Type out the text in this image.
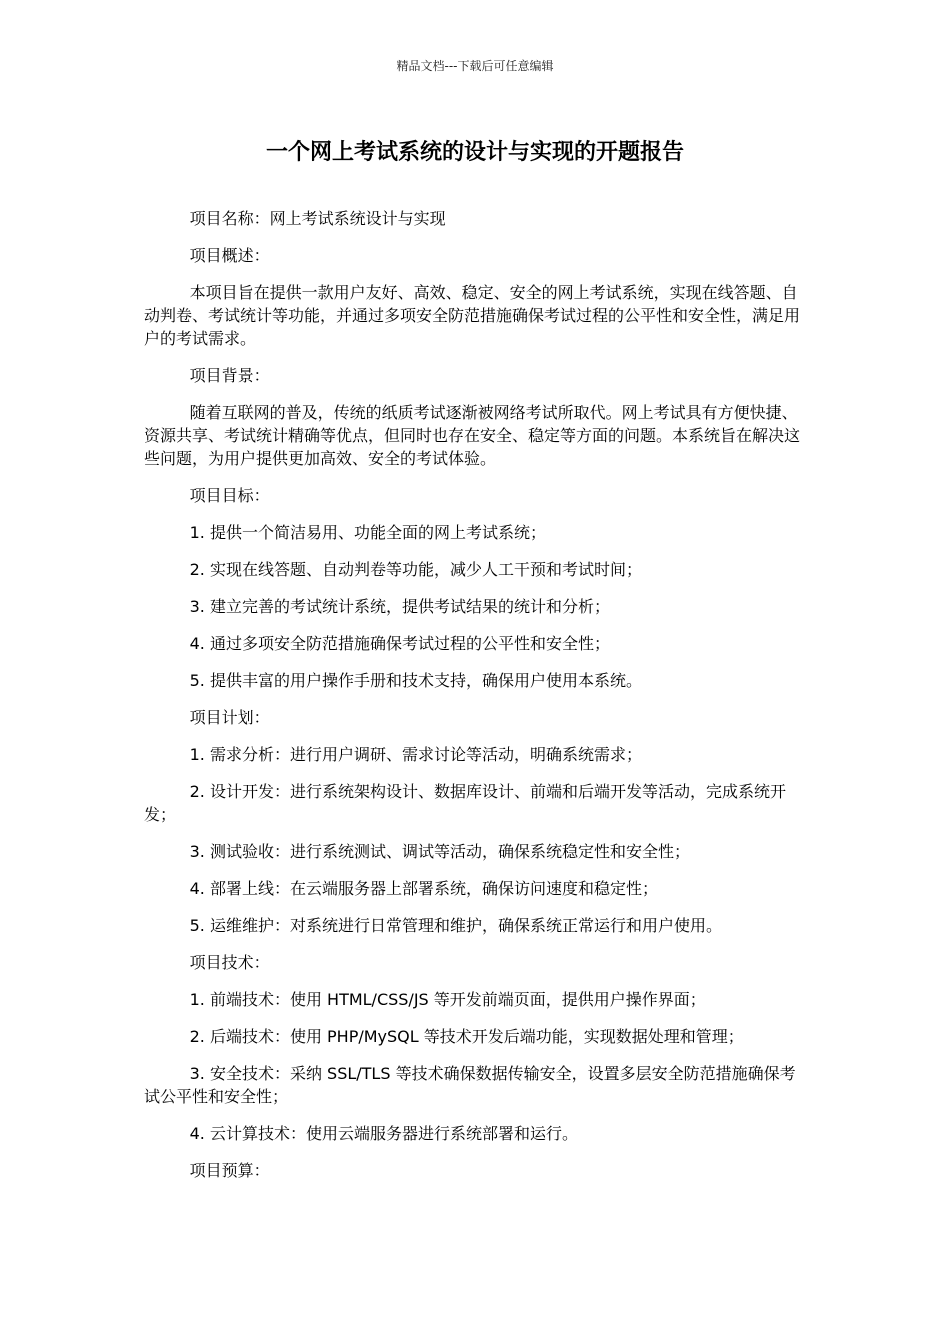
精品文档---下载后可任意编辑
一个网上考试系统的设计与实现的开题报告

项目名称：网上考试系统设计与实现

项目概述：

本项目旨在提供一款用户友好、高效、稳定、安全的网上考试系统，实现在线答题、自动判卷、考试统计等功能，并通过多项安全防范措施确保考试过程的公平性和安全性，满足用户的考试需求。

项目背景：

随着互联网的普及，传统的纸质考试逐渐被网络考试所取代。网上考试具有方便快捷、资源共享、考试统计精确等优点，但同时也存在安全、稳定等方面的问题。本系统旨在解决这些问题，为用户提供更加高效、安全的考试体验。

项目目标：

1. 提供一个简洁易用、功能全面的网上考试系统；

2. 实现在线答题、自动判卷等功能，减少人工干预和考试时间；

3. 建立完善的考试统计系统，提供考试结果的统计和分析；

4. 通过多项安全防范措施确保考试过程的公平性和安全性；

5. 提供丰富的用户操作手册和技术支持，确保用户使用本系统。

项目计划：

1. 需求分析：进行用户调研、需求讨论等活动，明确系统需求；

2. 设计开发：进行系统架构设计、数据库设计、前端和后端开发等活动，完成系统开发；

3. 测试验收：进行系统测试、调试等活动，确保系统稳定性和安全性；

4. 部署上线：在云端服务器上部署系统，确保访问速度和稳定性；

5. 运维维护：对系统进行日常管理和维护，确保系统正常运行和用户使用。

项目技术：

1. 前端技术：使用 HTML/CSS/JS 等开发前端页面，提供用户操作界面；

2. 后端技术：使用 PHP/MySQL 等技术开发后端功能，实现数据处理和管理；

3. 安全技术：采纳 SSL/TLS 等技术确保数据传输安全，设置多层安全防范措施确保考试公平性和安全性；

4. 云计算技术：使用云端服务器进行系统部署和运行。

项目预算：
